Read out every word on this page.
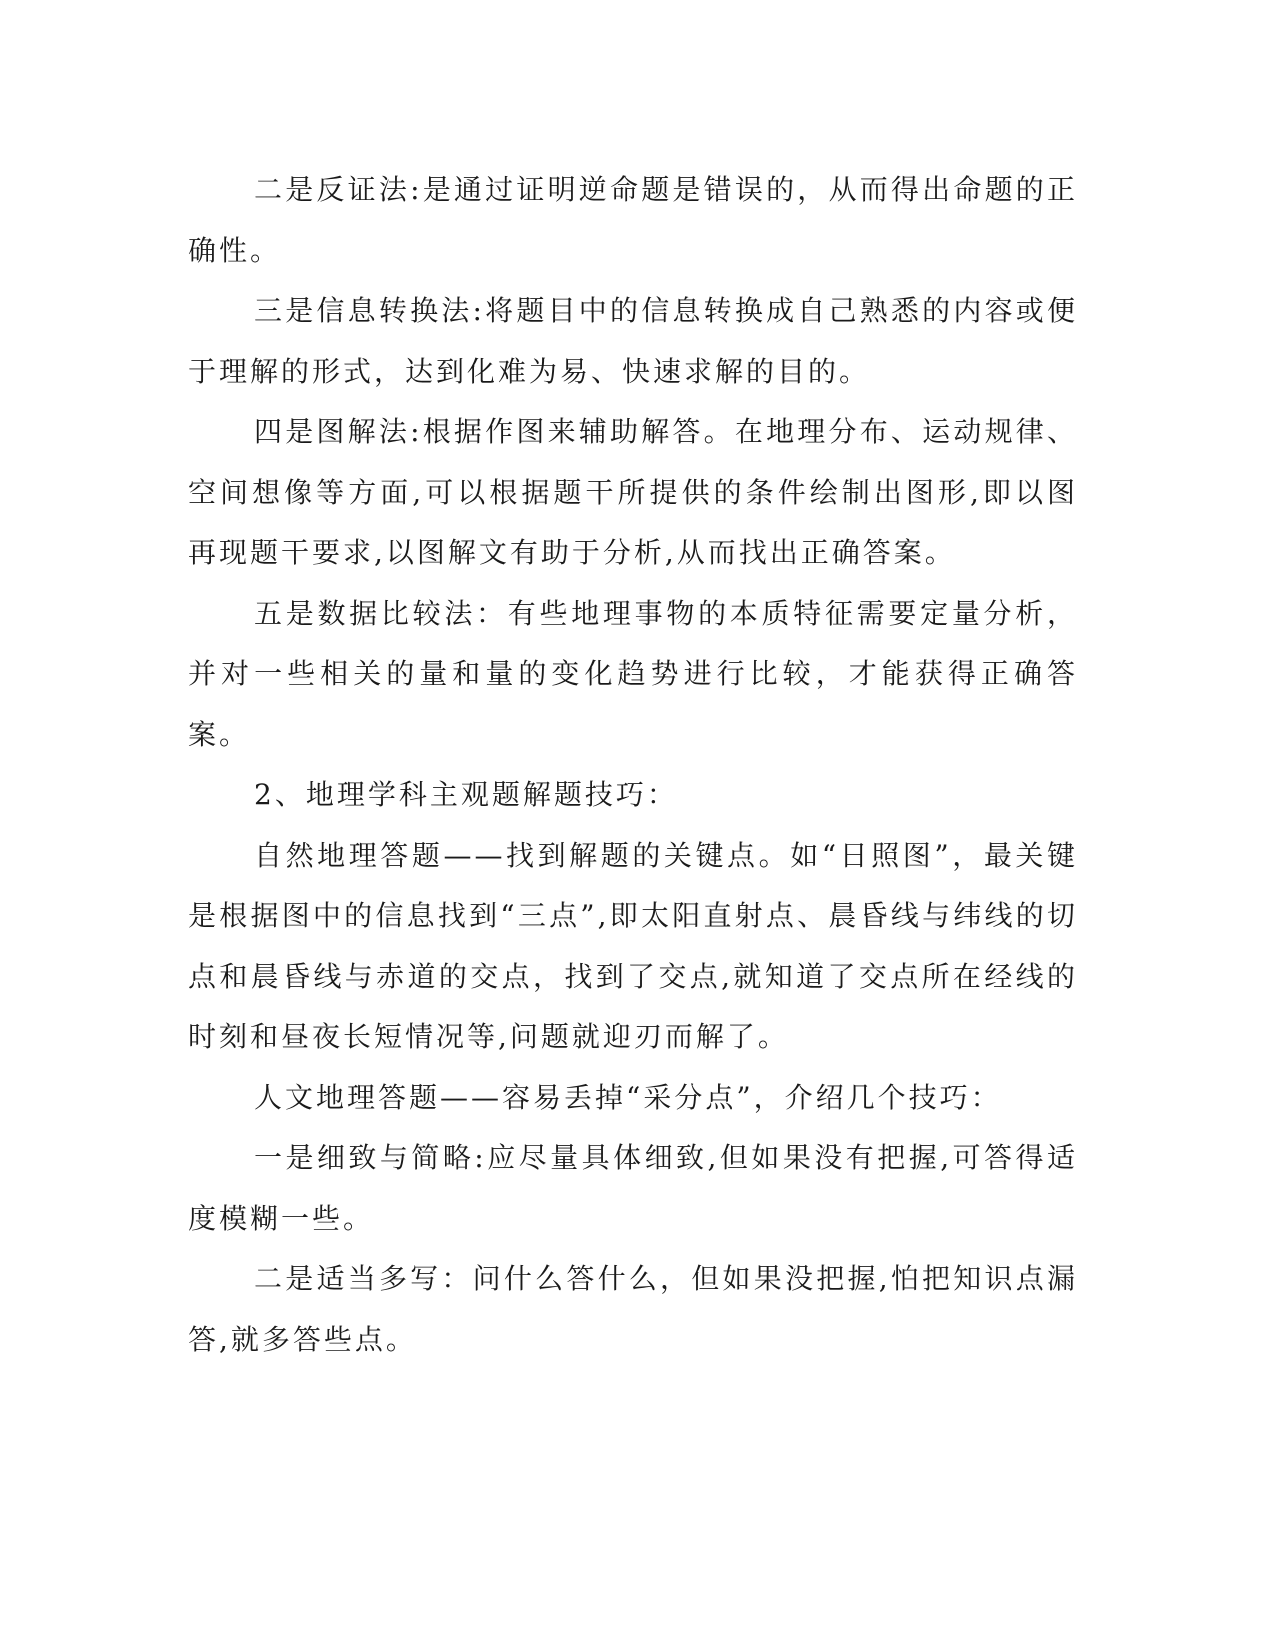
二是反证法:是通过证明逆命题是错误的，从而得出命题的正确性。

三是信息转换法:将题目中的信息转换成自己熟悉的内容或便于理解的形式，达到化难为易、快速求解的目的。

四是图解法:根据作图来辅助解答。在地理分布、运动规律、空间想像等方面,可以根据题干所提供的条件绘制出图形,即以图再现题干要求,以图解文有助于分析,从而找出正确答案。

五是数据比较法：有些地理事物的本质特征需要定量分析，并对一些相关的量和量的变化趋势进行比较，才能获得正确答案。

2、地理学科主观题解题技巧：

自然地理答题——找到解题的关键点。如“日照图”，最关键是根据图中的信息找到“三点”,即太阳直射点、晨昏线与纬线的切点和晨昏线与赤道的交点，找到了交点,就知道了交点所在经线的时刻和昼夜长短情况等,问题就迎刃而解了。

人文地理答题——容易丢掉“采分点”，介绍几个技巧：

一是细致与简略:应尽量具体细致,但如果没有把握,可答得适度模糊一些。

二是适当多写：问什么答什么，但如果没把握,怕把知识点漏答,就多答些点。
